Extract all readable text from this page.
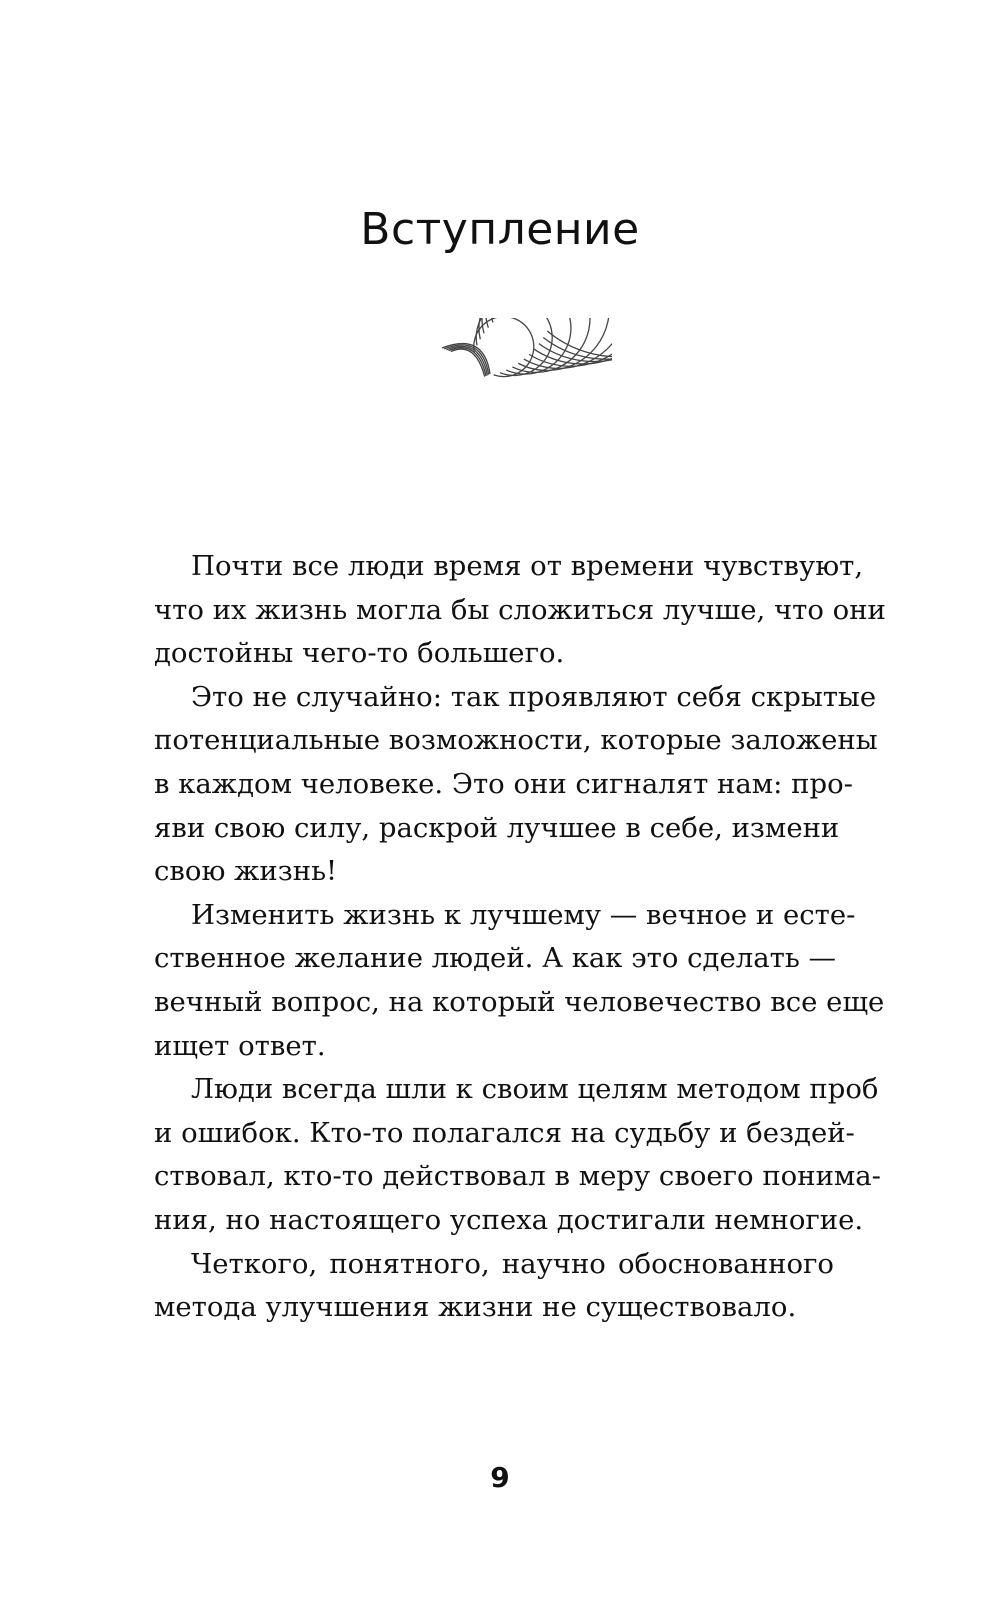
Вступление

Почти все люди время от времени чувствуют,
что их жизнь могла бы сложиться лучше, что они
достойны чего-то большего.

Это не случайно: так проявляют себя скрытые
потенциальные возможности, которые заложены
в каждом человеке. Это они сигналят нам: про-
яви свою силу, раскрой лучшее в себе, измени
свою жизнь!

Изменить жизнь к лучшему — вечное и есте-
ственное желание людей. А как это сделать —
вечный вопрос, на который человечество все еще
ищет ответ.

Люди всегда шли к своим целям методом проб
и ошибок. Кто-то полагался на судьбу и бездей-
ствовал, кто-то действовал в меру своего понима-
ния, но настоящего успеха достигали немногие.

Четкого, понятного, научно обоснованного
метода улучшения жизни не существовало.

9
